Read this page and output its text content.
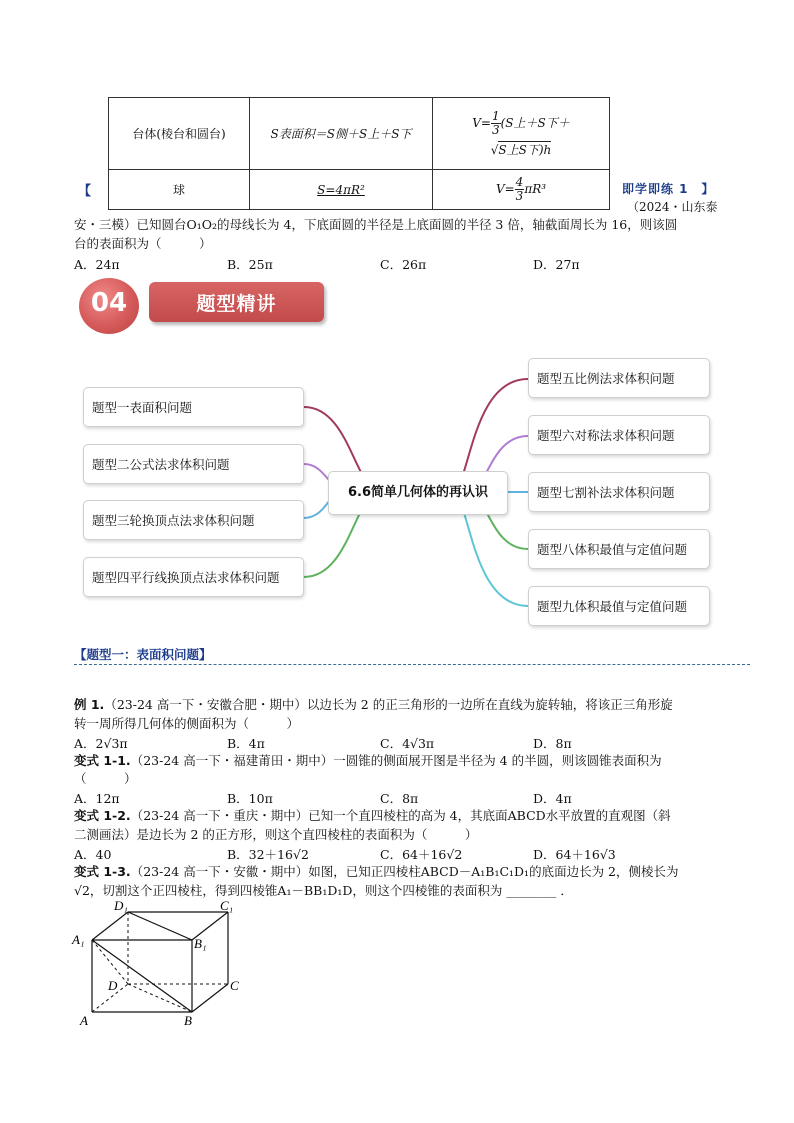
台体(棱台和圆台)	S表面积＝S侧＋S上＋S下	$V= \frac{1}{3} (S$上＋S下＋
√S上S下)h

球	S=4πR²	$V= \frac{4}{3} \pi R^3$
【	即学即练 1　】
（2024・山东泰
安・三模）已知圆台O₁O₂的母线长为 4，下底面圆的半径是上底面圆的半径 3 倍，轴截面周长为 16，则该圆
台的表面积为（　　　）
A．24π	B．25π	C．26π	D．27π
04	题型精讲
题型一表面积问题
题型二公式法求体积问题
题型三轮换顶点法求体积问题
题型四平行线换顶点法求体积问题
6.6简单几何体的再认识
题型五比例法求体积问题
题型六对称法求体积问题
题型七割补法求体积问题
题型八体积最值与定值问题
题型九体积最值与定值问题
【题型一：表面积问题】
例 1.（23-24 高一下・安徽合肥・期中）以边长为 2 的正三角形的一边所在直线为旋转轴，将该正三角形旋
转一周所得几何体的侧面积为（　　　）
A．2√3π	B．4π	C．4√3π	D．8π
变式 1-1.（23-24 高一下・福建莆田・期中）一圆锥的侧面展开图是半径为 4 的半圆，则该圆锥表面积为
（　　　）
A．12π	B．10π	C．8π	D．4π
变式 1-2.（23-24 高一下・重庆・期中）已知一个直四棱柱的高为 4，其底面ABCD水平放置的直观图（斜
二测画法）是边长为 2 的正方形，则这个直四棱柱的表面积为（　　　）
A．40	B．32＋16√2	C．64＋16√2	D．64＋16√3
变式 1-3.（23-24 高一下・安徽・期中）如图，已知正四棱柱ABCD－A₁B₁C₁D₁的底面边长为 2，侧棱长为
√2，切割这个正四棱柱，得到四棱锥A₁－BB₁D₁D，则这个四棱锥的表面积为 ________ ．
D₁	C₁
A₁	B₁
D	C
A	B
